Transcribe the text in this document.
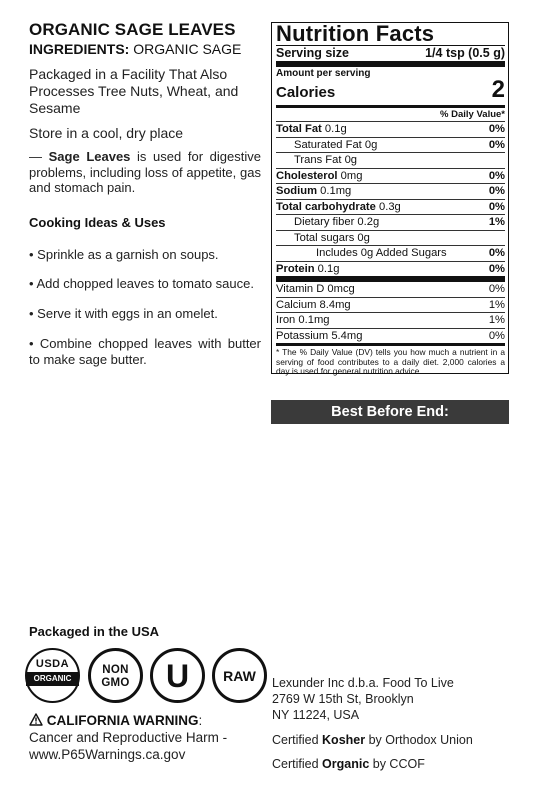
ORGANIC SAGE LEAVES
INGREDIENTS: ORGANIC SAGE
Packaged in a Facility That Also Processes Tree Nuts, Wheat, and Sesame
Store in a cool, dry place
— Sage Leaves is used for digestive problems, including loss of appetite, gas and stomach pain.
Cooking Ideas & Uses
• Sprinkle as a garnish on soups.
• Add chopped leaves to tomato sauce.
• Serve it with eggs in an omelet.
• Combine chopped leaves with butter to make sage butter.
Nutrition Facts
Serving size	1/4 tsp (0.5 g)
Amount per serving
Calories	2
% Daily Value*
Total Fat 0.1g	0%
Saturated Fat 0g	0%
Trans Fat 0g
Cholesterol 0mg	0%
Sodium 0.1mg	0%
Total carbohydrate 0.3g	0%
Dietary fiber 0.2g	1%
Total sugars 0g
Includes 0g Added Sugars	0%
Protein 0.1g	0%
Vitamin D 0mcg	0%
Calcium 8.4mg	1%
Iron 0.1mg	1%
Potassium 5.4mg	0%
* The % Daily Value (DV) tells you how much a nutrient in a serving of food contributes to a daily diet. 2,000 calories a day is used for general nutrition advice.
Best Before End:
Packaged in the USA
USDA
ORGANIC
NON
GMO	U	RAW
CALIFORNIA WARNING:
Cancer and Reproductive Harm - www.P65Warnings.ca.gov
Lexunder Inc d.b.a. Food To Live
2769 W 15th St, Brooklyn
NY 11224, USA
Certified Kosher by Orthodox Union
Certified Organic by CCOF
